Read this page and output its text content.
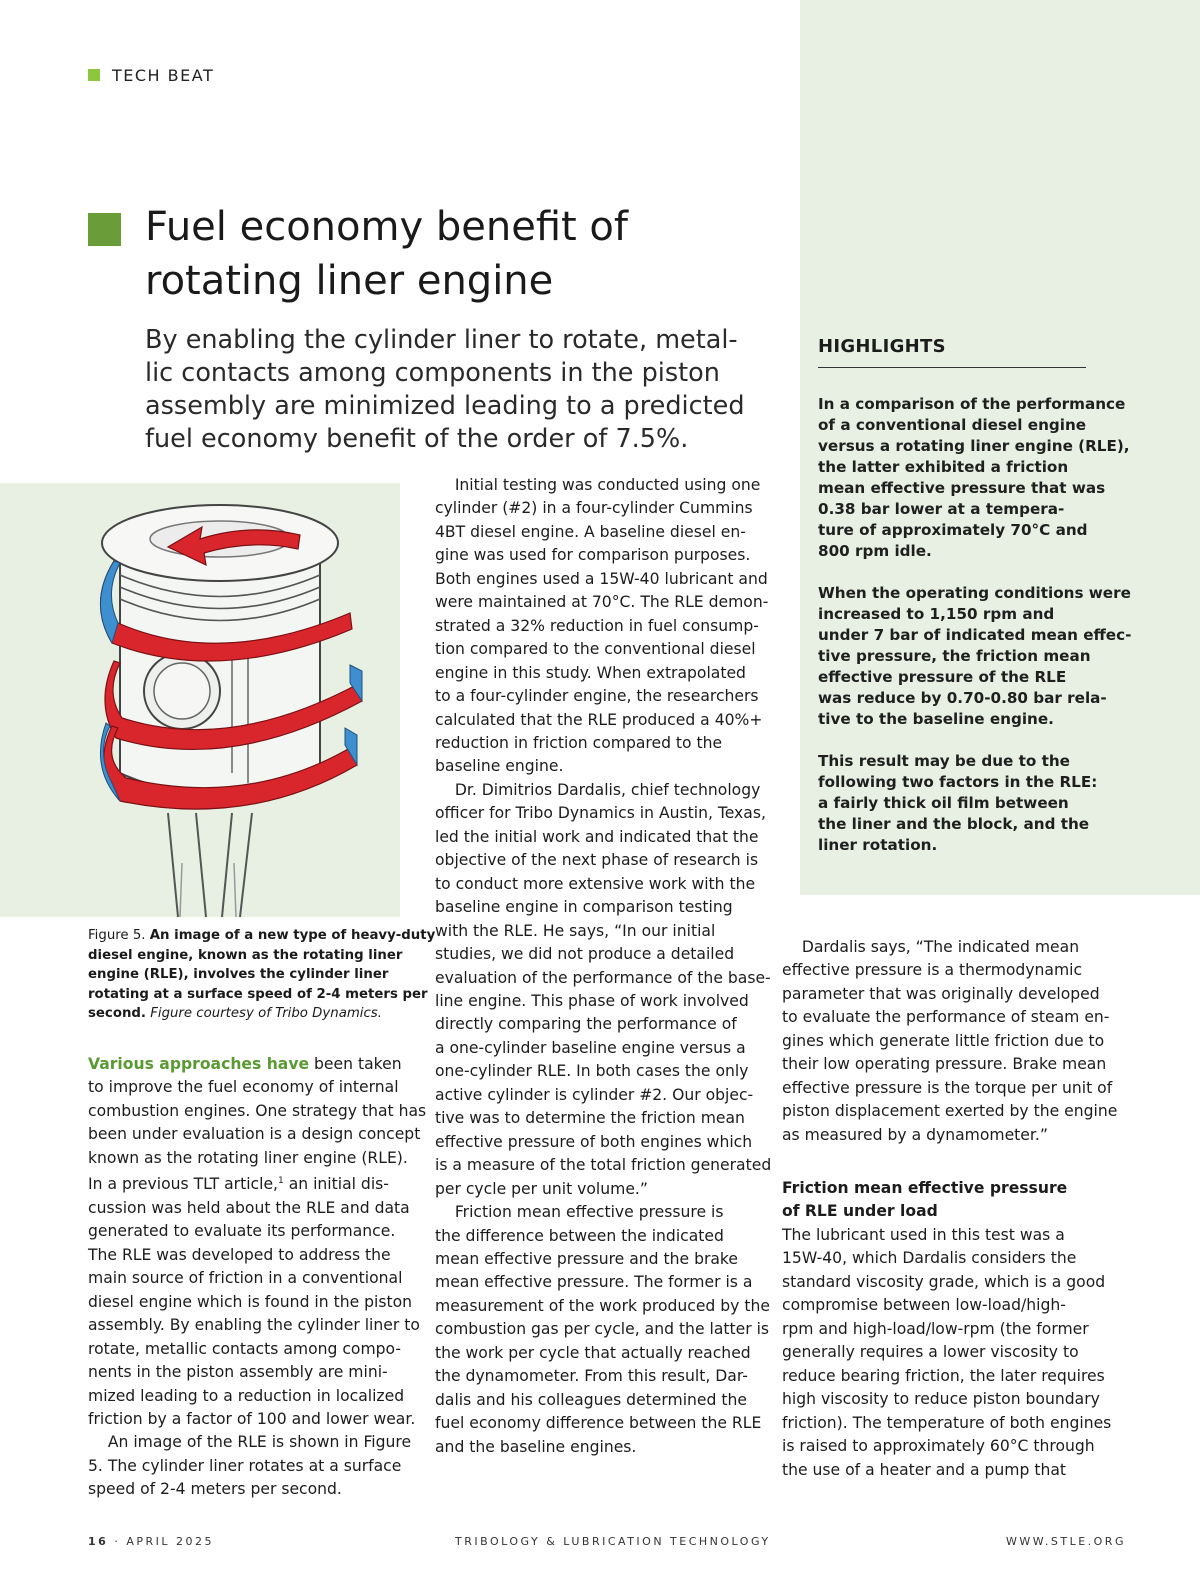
TECH BEAT
Fuel economy benefit of
rotating liner engine

By enabling the cylinder liner to rotate, metal-
lic contacts among components in the piston
assembly are minimized leading to a predicted
fuel economy benefit of the order of 7.5%.

HIGHLIGHTS

In a comparison of the performance
of a conventional diesel engine
versus a rotating liner engine (RLE),
the latter exhibited a friction
mean effective pressure that was
0.38 bar lower at a tempera-
ture of approximately 70°C and
800 rpm idle.

When the operating conditions
increased to 1,150 rpm and
under 7 bar of indicated mean effec-
tive pressure, the friction mean
effective pressure of the RLE
was reduce by 0.70-0.80 bar rela-
tive to the baseline engine.

This result may be due to the
following two factors in the RLE:
a fairly thick oil film between
the liner and the block, and the
liner rotation.

Figure 5. An image of a new type of heavy-duty
diesel engine, known as the rotating liner
engine (RLE), involves the cylinder liner
rotating at a surface speed of 2-4 meters per
second. Figure courtesy of Tribo Dynamics.

Various approaches have been taken
to improve the fuel economy of internal
combustion engines. One strategy that has
been under evaluation is a design concept
known as the rotating liner engine (RLE).
In a previous TLT article,$^1$ an initial dis-
cussion was held about the RLE and data
generated to evaluate its performance.
The RLE was developed to address the
main source of friction in a conventional
diesel engine which is found in the piston
assembly. By enabling the cylinder liner to
rotate, metallic contacts among compo-
nents in the piston assembly are mini-
mized leading to a reduction in localized
friction by a factor of 100 and lower wear.
An image of the RLE is shown in Figure
5. The cylinder liner rotates at a surface
speed of 2-4 meters per second.

Initial testing was conducted using one
cylinder (#2) in a four-cylinder Cummins
4BT diesel engine. A baseline diesel en-
gine was used for comparison purposes.
Both engines used a 15W-40 lubricant and
were maintained at 70°C. The RLE demon-
strated a 32% reduction in fuel consump-
tion compared to the conventional diesel
engine in this study. When extrapolated
to a four-cylinder engine, the researchers
calculated that the RLE produced a 40%+
reduction in friction compared to the
baseline engine.
Dr. Dimitrios Dardalis, chief technology
officer for Tribo Dynamics in Austin, Texas,
led the initial work and indicated that the
objective of the next phase of research is
to conduct more extensive work with the
baseline engine in comparison testing
with the RLE. He says, “In our initial
studies, we did not produce a detailed
evaluation of the performance of the base-
line engine. This phase of work involved
directly comparing the performance of
a one-cylinder baseline engine versus a
one-cylinder RLE. In both cases the only
active cylinder is cylinder #2. Our objec-
tive was to determine the friction mean
effective pressure of both engines which
is a measure of the total friction generated
per cycle per unit volume.”
Friction mean effective pressure is
the difference between the indicated
mean effective pressure and the brake
mean effective pressure. The former is a
measurement of the work produced by the
combustion gas per cycle, and the latter is
the work per cycle that actually reached
the dynamometer. From this result, Dar-
dalis and his colleagues determined the
fuel economy difference between the RLE
and the baseline engines.

Dardalis says, “The indicated mean
effective pressure is a thermodynamic
parameter that was originally developed
to evaluate the performance of steam en-
gines which generate little friction due to
their low operating pressure. Brake mean
effective pressure is the torque per unit of
piston displacement exerted by the engine
as measured by a dynamometer.”

Friction mean effective pressure
of RLE under load

The lubricant used in this test was a
15W-40, which Dardalis considers the
standard viscosity grade, which is a good
compromise between low-load/high-
rpm and high-load/low-rpm (the former
generally requires a lower viscosity to
reduce bearing friction, the later requires
high viscosity to reduce piston boundary
friction). The temperature of both engines
is raised to approximately 60°C through
the use of a heater and a pump that

16 · APRIL 2025	TRIBOLOGY & LUBRICATION TECHNOLOGY	WWW.STLE.ORG
